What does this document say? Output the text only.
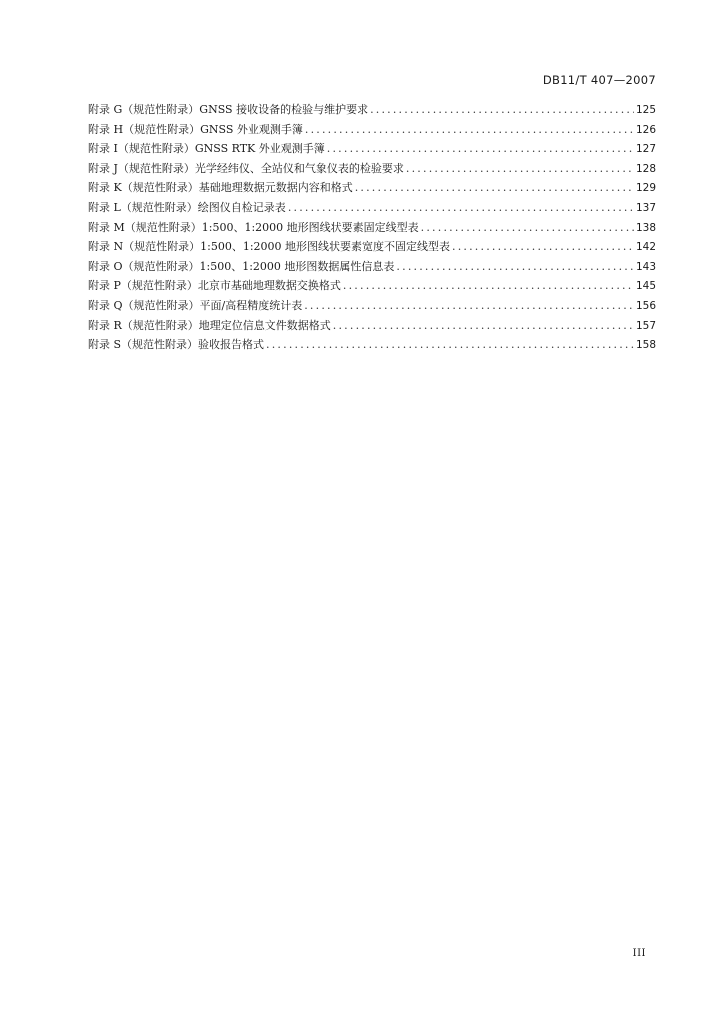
DB11/T 407—2007
附录 G（规范性附录）GNSS 接收设备的检验与维护要求 .....	125
附录 H（规范性附录）GNSS 外业观测手簿 .....	126
附录 I（规范性附录）GNSS RTK 外业观测手簿 .....	127
附录 J（规范性附录）光学经纬仪、全站仪和气象仪表的检验要求 .....	128
附录 K（规范性附录）基础地理数据元数据内容和格式 .....	129
附录 L（规范性附录）绘图仪自检记录表 .....	137
附录 M（规范性附录）1:500、1:2000 地形图线状要素固定线型表 .....	138
附录 N（规范性附录）1:500、1:2000 地形图线状要素宽度不固定线型表 .....	142
附录 O（规范性附录）1:500、1:2000 地形图数据属性信息表 .....	143
附录 P（规范性附录）北京市基础地理数据交换格式 .....	145
附录 Q（规范性附录）平面/高程精度统计表 .....	156
附录 R（规范性附录）地理定位信息文件数据格式 .....	157
附录 S（规范性附录）验收报告格式 .....	158
III
